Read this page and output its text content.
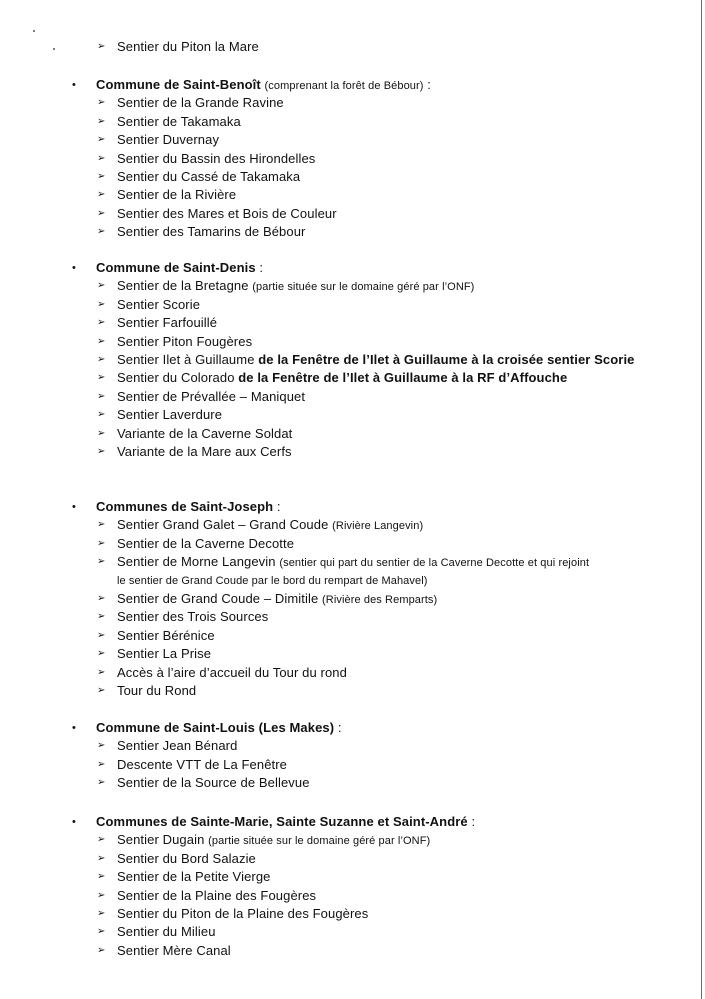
➢ Sentier du Piton la Mare
•	Commune de Saint-Benoît (comprenant la forêt de Bébour) :
➢ Sentier de la Grande Ravine
➢ Sentier de Takamaka
➢ Sentier Duvernay
➢ Sentier du Bassin des Hirondelles
➢ Sentier du Cassé de Takamaka
➢ Sentier de la Rivière
➢ Sentier des Mares et Bois de Couleur
➢ Sentier des Tamarins de Bébour
•	Commune de Saint-Denis :
➢ Sentier de la Bretagne (partie située sur le domaine géré par l’ONF)
➢ Sentier Scorie
➢ Sentier Farfouillé
➢ Sentier Piton Fougères
➢ Sentier Ilet à Guillaume de la Fenêtre de l’Ilet à Guillaume à la croisée sentier Scorie
➢ Sentier du Colorado de la Fenêtre de l’Ilet à Guillaume à la RF d’Affouche
➢ Sentier de Prévallée – Maniquet
➢ Sentier Laverdure
➢ Variante de la Caverne Soldat
➢ Variante de la Mare aux Cerfs
•	Communes de Saint-Joseph :
➢ Sentier Grand Galet – Grand Coude (Rivière Langevin)
➢ Sentier de la Caverne Decotte
➢ Sentier de Morne Langevin (sentier qui part du sentier de la Caverne Decotte et qui rejoint
le sentier de Grand Coude par le bord du rempart de Mahavel)
➢ Sentier de Grand Coude – Dimitile (Rivière des Remparts)
➢ Sentier des Trois Sources
➢ Sentier Bérénice
➢ Sentier La Prise
➢ Accès à l’aire d’accueil du Tour du rond
➢ Tour du Rond
•	Commune de Saint-Louis (Les Makes) :
➢ Sentier Jean Bénard
➢ Descente VTT de La Fenêtre
➢ Sentier de la Source de Bellevue
•	Communes de Sainte-Marie, Sainte Suzanne et Saint-André :
➢ Sentier Dugain (partie située sur le domaine géré par l’ONF)
➢ Sentier du Bord Salazie
➢ Sentier de la Petite Vierge
➢ Sentier de la Plaine des Fougères
➢ Sentier du Piton de la Plaine des Fougères
➢ Sentier du Milieu
➢ Sentier Mère Canal
